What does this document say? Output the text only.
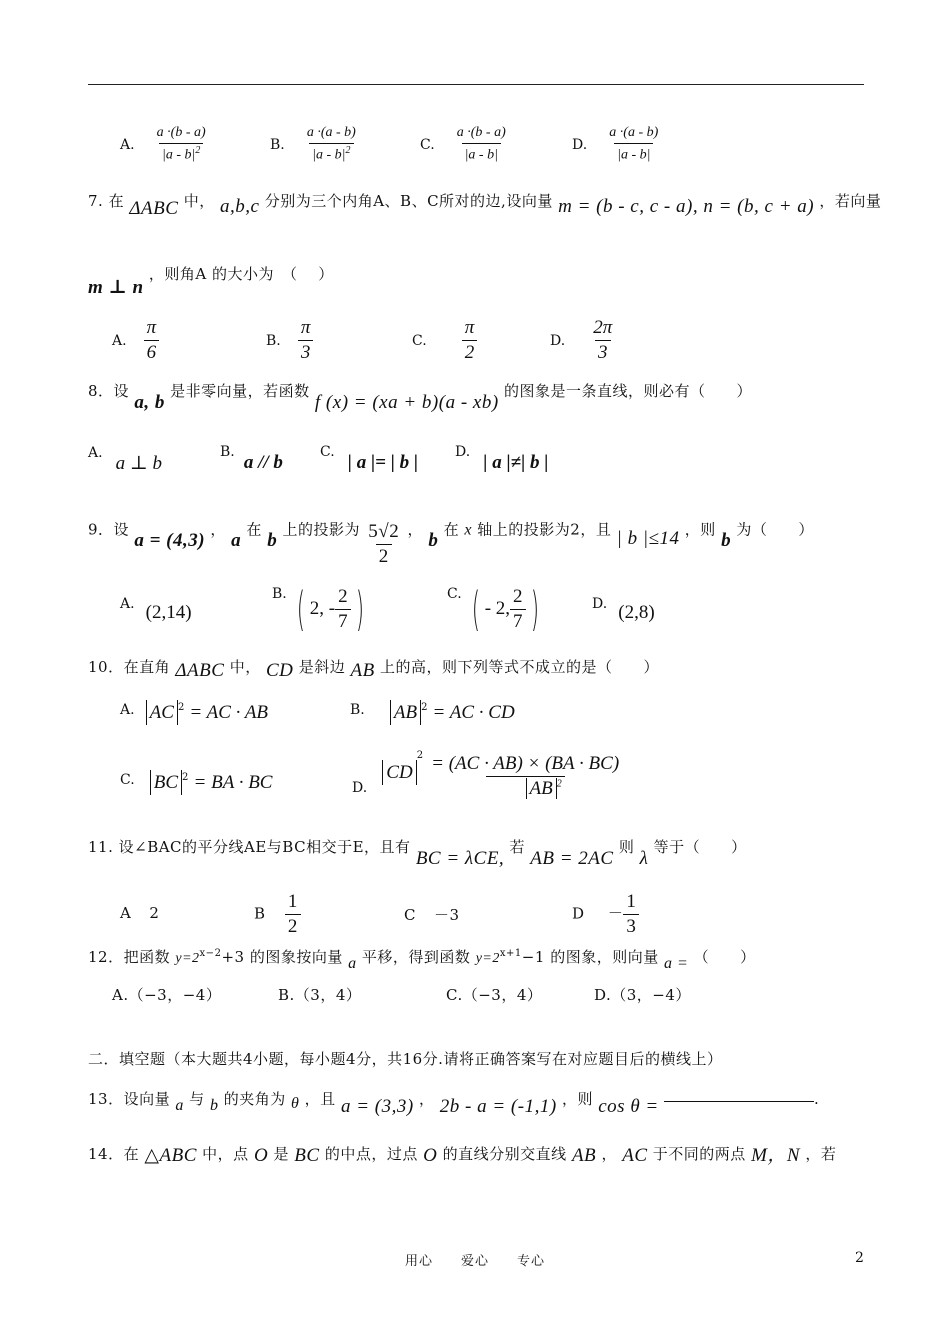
A. $\frac{a \cdot(b - a)}{|a - b|^2}$	B. $\frac{a \cdot(a - b)}{|a - b|^2}$	C. $\frac{a \cdot(b - a)}{|a - b|}$	D. $\frac{a \cdot(a - b)}{|a - b|}$
7. 在 ΔABC 中， a,b,c 分别为三个内角A、B、C所对的边,设向量 m = (b - c, c - a), n = (b, c + a) ，若向量
m ⊥ n ，则角A 的大小为　（　 ）
A. $\frac{\pi}{6}$	B. $\frac{\pi}{3}$	C. $\frac{\pi}{2}$	D. $\frac{2\pi}{3}$
8．设 a, b 是非零向量，若函数 f (x) = (xa + b)(a - xb) 的图象是一条直线，则必有（　　）
A. a ⊥ b
B. a // b	C. | a |= | b |	D. | a |≠| b |
9．设 a = (4,3) ， a 在 b 上的投影为 $\frac{5√2}{2}$ ， b 在 x 轴上的投影为2，且 | b |≤14 ，则 b 为（　　）
A. (2,14)
B. ( 2, - $\frac{2}{7}$ )	C. ( - 2, $\frac{2}{7}$ )	D. (2,8)
10．在直角 ΔABC 中， CD 是斜边 AB 上的高，则下列等式不成立的是（　　）
A. AC $^2$ = AC · AB	B. AB $^2$ = AC · CD
C. BC $^2$ = BA · BC	D. $CD^2 \frac{= (AC \cdot AB) \times (BA \cdot BC)}{AB ^2}$
11. 设∠BAC的平分线AE与BC相交于E，且有 BC = λCE, 若 AB = 2AC 则 λ 等于（　　）
A 2	B $\frac{1}{2}$	C －3	$D - \frac{1}{3}$
12．把函数 $y=2^{x-2}+3$ 的图象按向量 a 平移，得到函数 $y=2^{x+1}-1$ 的图象，则向量 a = （　　）
A.（−3，−4）	B.（3，4）	C.（−3，4）	D.（3，−4）
二．填空题（本大题共4小题，每小题4分，共16分.请将正确答案写在对应题目后的横线上）
13．设向量 a 与 b 的夹角为 θ ，且 a = (3,3) ， 2b - a = (-1,1) ，则 cos θ =	.
14．在 △ABC 中，点 O 是 BC 的中点，过点 O 的直线分别交直线 AB ， AC 于不同的两点 M，N ，若
用心　　爱心　　专心	2
